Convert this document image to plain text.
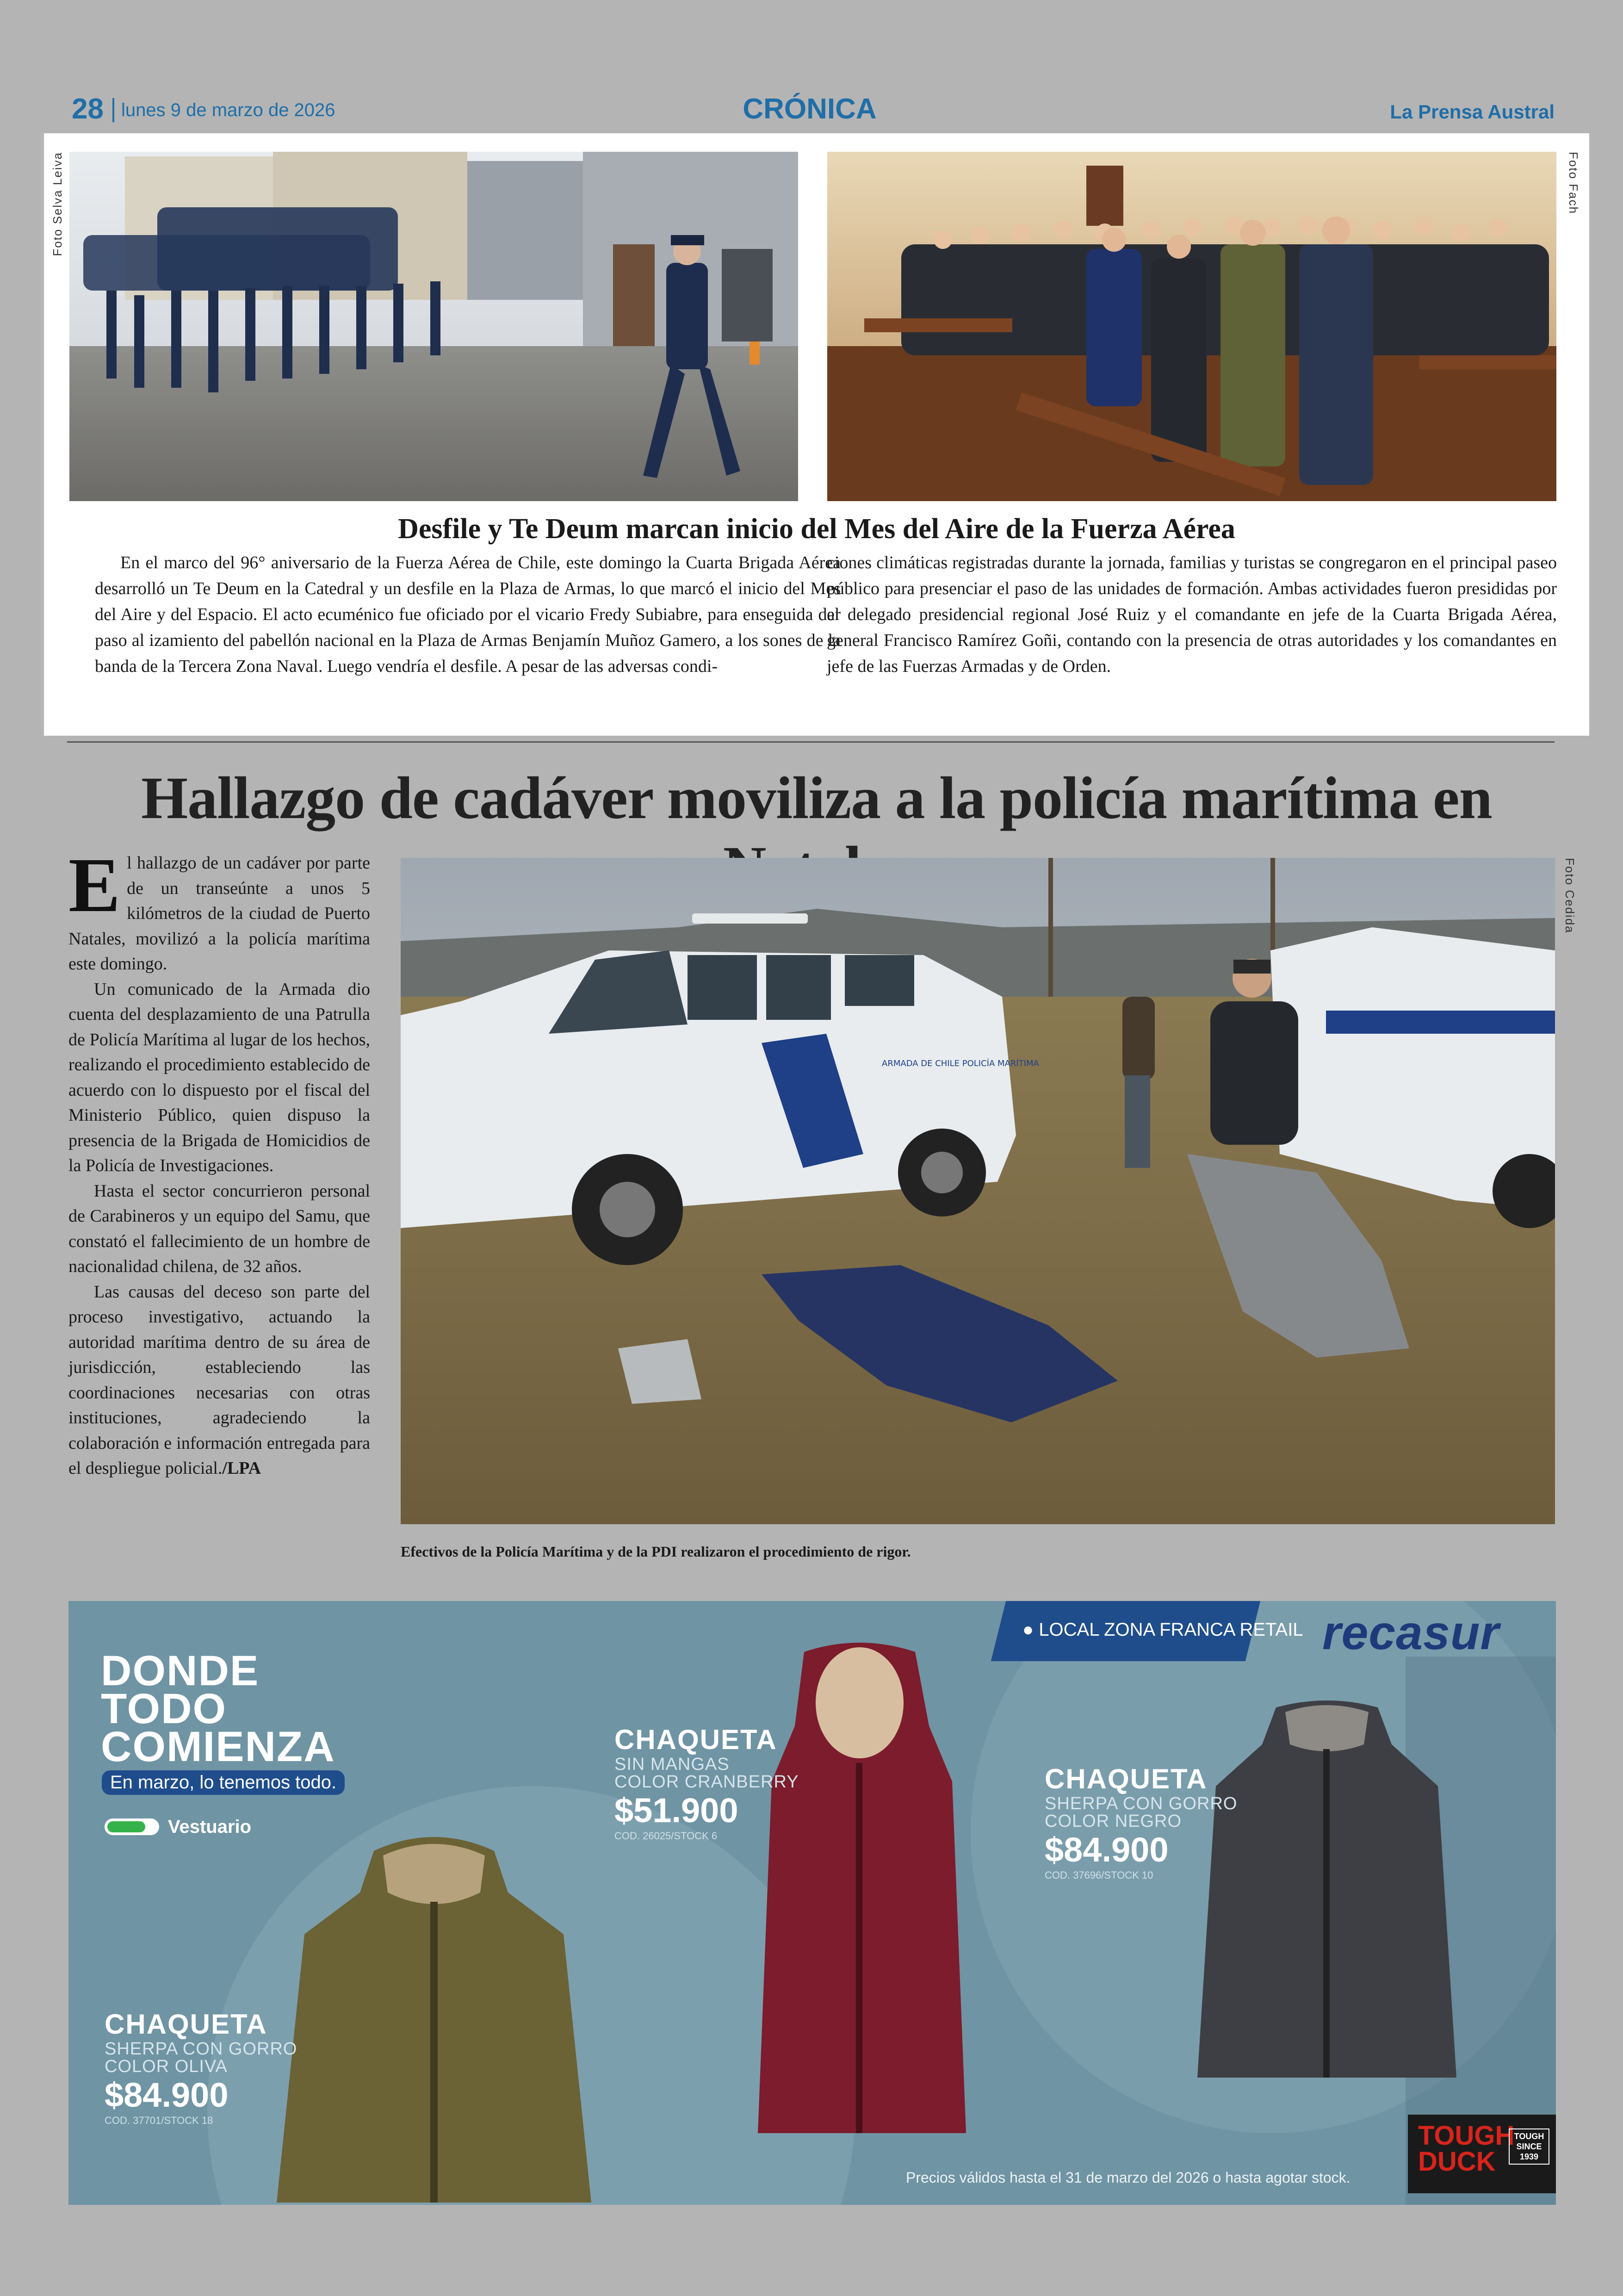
28 lunes 9 de marzo de 2026	CRÓNICA	La Prensa Austral
Foto Selva Leiva	Foto Fach
Desfile y Te Deum marcan inicio del Mes del Aire de la Fuerza Aérea

En el marco del 96° aniversario de la Fuerza Aérea de Chile, este domingo la Cuarta Brigada Aérea desarrolló un Te Deum en la Catedral y un desfile en la Plaza de Armas, lo que marcó el inicio del Mes del Aire y del Espacio. El acto ecuménico fue oficiado por el vicario Fredy Subiabre, para enseguida dar paso al izamiento del pabellón nacional en la Plaza de Armas Benjamín Muñoz Gamero, a los sones de la banda de la Tercera Zona Naval. Luego vendría el desfile. A pesar de las adversas condi-

ciones climáticas registradas durante la jornada, familias y turistas se congregaron en el principal paseo público para presenciar el paso de las unidades de formación. Ambas actividades fueron presididas por el delegado presidencial regional José Ruiz y el comandante en jefe de la Cuarta Brigada Aérea, general Francisco Ramírez Goñi, contando con la presencia de otras autoridades y los comandantes en jefe de las Fuerzas Armadas y de Orden.

Hallazgo de cadáver moviliza a la policía marítima en

El hallazgo de un cadáver por parte de un transeúnte a unos 5 kilómetros de la ciudad de Puerto Natales, movilizó a la policía marítima este domingo.

Un comunicado de la Armada dio cuenta del desplazamiento de una Patrulla de Policía Marítima al lugar de los hechos, realizando el procedimiento establecido de acuerdo con lo dispuesto por el fiscal del Ministerio Público, quien dispuso la presencia de la Brigada de Homicidios de la Policía de Investigaciones.

Hasta el sector concurrieron personal de Carabineros y un equipo del Samu, que constató el fallecimiento de un hombre de nacionalidad chilena, de 32 años.

Las causas del deceso son parte del proceso investigativo, actuando la autoridad marítima dentro de su área de jurisdicción, estableciendo las coordinaciones necesarias con otras instituciones, agradeciendo la colaboración e información entregada para el despliegue policial./LPA

ARMADA DE CHILE POLICÍA MARÍTIMA
Foto Cedida
Efectivos de la Policía Marítima y de la PDI realizaron el procedimiento de rigor.
DONDE
TODO
COMIENZA
En marzo, lo tenemos todo.
Vestuario
● LOCAL ZONA FRANCA RETAIL recasur
CHAQUETA
SHERPA CON GORRO
COLOR OLIVA
$84.900
COD. 37701/STOCK 18
CHAQUETA
SIN MANGAS
COLOR CRANBERRY
$51.900
COD. 26025/STOCK 6
CHAQUETA
SHERPA CON GORRO
COLOR NEGRO
$84.900
COD. 37696/STOCK 10
Precios válidos hasta el 31 de marzo del 2026 o hasta agotar stock.
TOUGH
DUCK
TOUGH SINCE 1939
